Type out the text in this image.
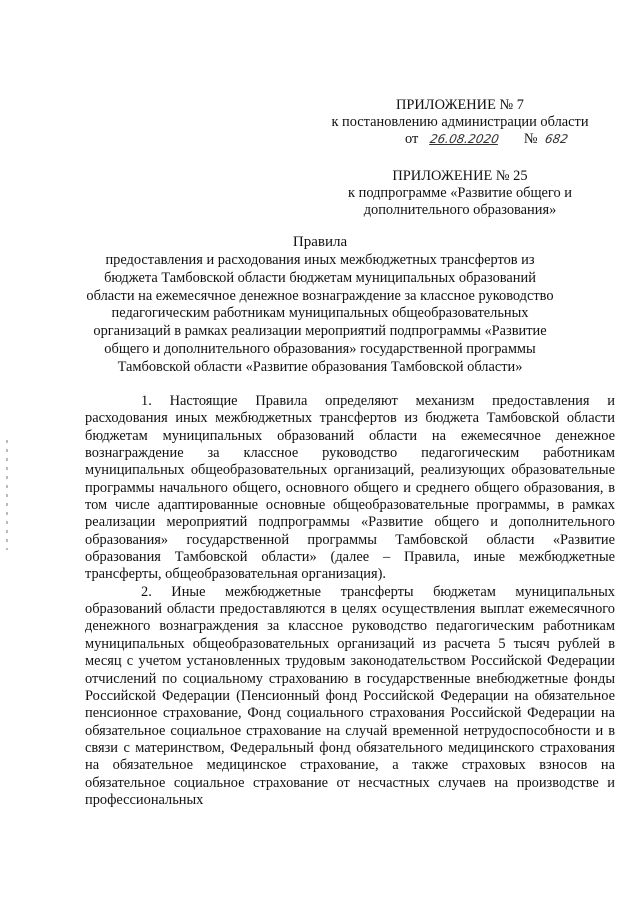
ПРИЛОЖЕНИЕ № 7
к постановлению администрации области
от 26.08.2020 № 682
ПРИЛОЖЕНИЕ № 25
к подпрограмме «Развитие общего и
дополнительного образования»
Правила
предоставления и расходования иных межбюджетных трансфертов из бюджета Тамбовской области бюджетам муниципальных образований области на ежемесячное денежное вознаграждение за классное руководство педагогическим работникам муниципальных общеобразовательных организаций в рамках реализации мероприятий подпрограммы «Развитие общего и дополнительного образования» государственной программы Тамбовской области «Развитие образования Тамбовской области»

1. Настоящие Правила определяют механизм предоставления и расходования иных межбюджетных трансфертов из бюджета Тамбовской области бюджетам муниципальных образований области на ежемесячное денежное вознаграждение за классное руководство педагогическим работникам муниципальных общеобразовательных организаций, реализующих образовательные программы начального общего, основного общего и среднего общего образования, в том числе адаптированные основные общеобразовательные программы, в рамках реализации мероприятий подпрограммы «Развитие общего и дополнительного образования» государственной программы Тамбовской области «Развитие образования Тамбовской области» (далее – Правила, иные межбюджетные трансферты, общеобразовательная организация).

2. Иные межбюджетные трансферты бюджетам муниципальных образований области предоставляются в целях осуществления выплат ежемесячного денежного вознаграждения за классное руководство педагогическим работникам муниципальных общеобразовательных организаций из расчета 5 тысяч рублей в месяц с учетом установленных трудовым законодательством Российской Федерации отчислений по социальному страхованию в государственные внебюджетные фонды Российской Федерации (Пенсионный фонд Российской Федерации на обязательное пенсионное страхование, Фонд социального страхования Российской Федерации на обязательное социальное страхование на случай временной нетрудоспособности и в связи с материнством, Федеральный фонд обязательного медицинского страхования на обязательное медицинское страхование, а также страховых взносов на обязательное социальное страхование от несчастных случаев на производстве и профессиональных
